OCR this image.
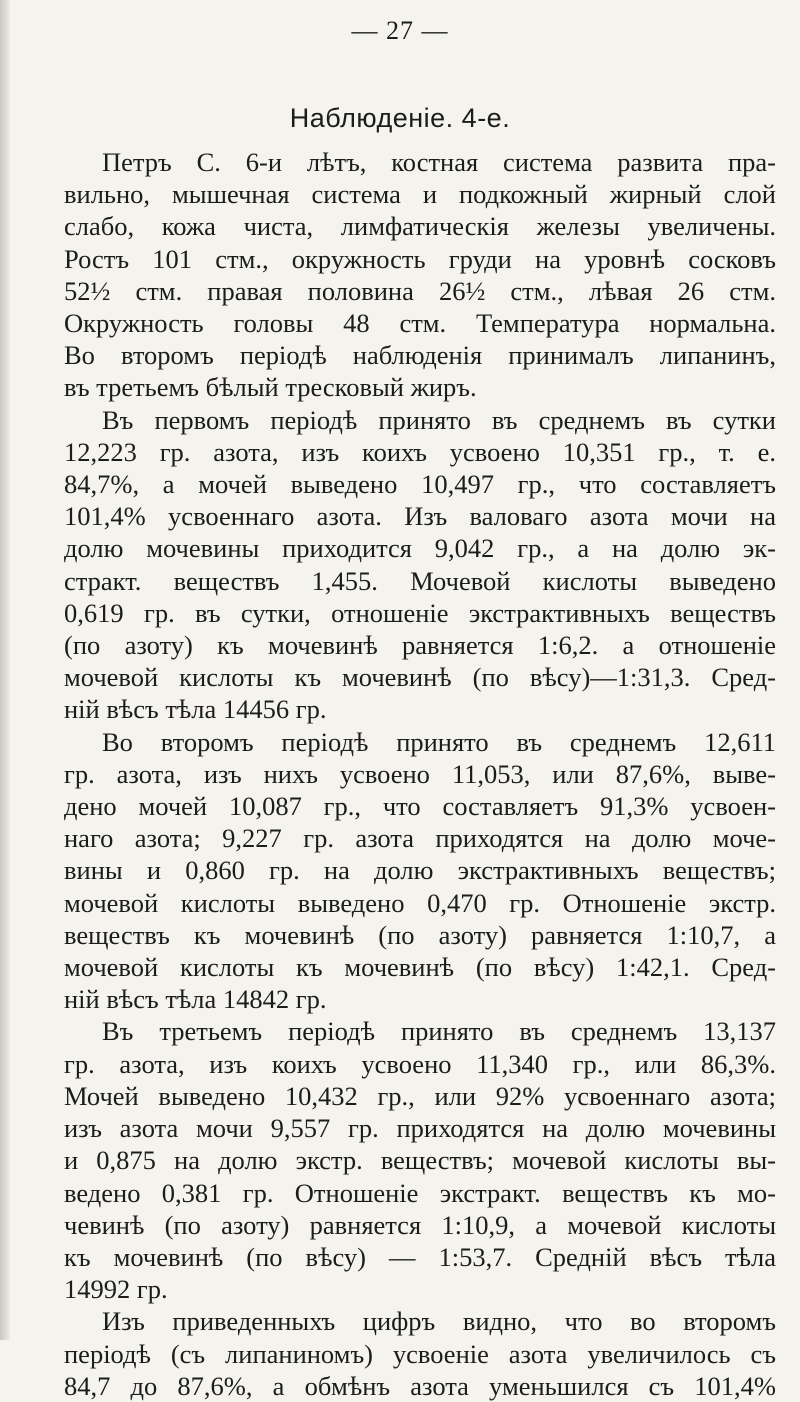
— 27 —
Наблюденіе. 4-е.
Петръ С. 6-и лѣтъ, костная система развита пра-
вильно, мышечная система и подкожный жирный слой
слабо, кожа чиста, лимфатическія железы увеличены.
Ростъ 101 стм., окружность груди на уровнѣ сосковъ
52½ стм. правая половина 26½ стм., лѣвая 26 стм.
Окружность головы 48 стм. Температура нормальна.
Во второмъ періодѣ наблюденія принималъ липанинъ,
въ третьемъ бѣлый тресковый жиръ.
Въ первомъ періодѣ принято въ среднемъ въ сутки
12,223 гр. азота, изъ коихъ усвоено 10,351 гр., т. е.
84,7%, а мочей выведено 10,497 гр., что составляетъ
101,4% усвоеннаго азота. Изъ валоваго азота мочи на
долю мочевины приходится 9,042 гр., а на долю эк-
стракт. веществъ 1,455. Мочевой кислоты выведено
0,619 гр. въ сутки, отношеніе экстрактивныхъ веществъ
(по азоту) къ мочевинѣ равняется 1:6,2. а отношеніе
мочевой кислоты къ мочевинѣ (по вѣсу)—1:31,3. Сред-
ній вѣсъ тѣла 14456 гр.
Во второмъ періодѣ принято въ среднемъ 12,611
гр. азота, изъ нихъ усвоено 11,053, или 87,6%, выве-
дено мочей 10,087 гр., что составляетъ 91,3% усвоен-
наго азота; 9,227 гр. азота приходятся на долю моче-
вины и 0,860 гр. на долю экстрактивныхъ веществъ;
мочевой кислоты выведено 0,470 гр. Отношеніе экстр.
веществъ къ мочевинѣ (по азоту) равняется 1:10,7, а
мочевой кислоты къ мочевинѣ (по вѣсу) 1:42,1. Сред-
ній вѣсъ тѣла 14842 гр.
Въ третьемъ періодѣ принято въ среднемъ 13,137
гр. азота, изъ коихъ усвоено 11,340 гр., или 86,3%.
Мочей выведено 10,432 гр., или 92% усвоеннаго азота;
изъ азота мочи 9,557 гр. приходятся на долю мочевины
и 0,875 на долю экстр. веществъ; мочевой кислоты вы-
ведено 0,381 гр. Отношеніе экстракт. веществъ къ мо-
чевинѣ (по азоту) равняется 1:10,9, а мочевой кислоты
къ мочевинѣ (по вѣсу) — 1:53,7. Средній вѣсъ тѣла
14992 гр.
Изъ приведенныхъ цифръ видно, что во второмъ
періодѣ (съ липаниномъ) усвоеніе азота увеличилось съ
84,7 до 87,6%, а обмѣнъ азота уменьшился съ 101,4%
